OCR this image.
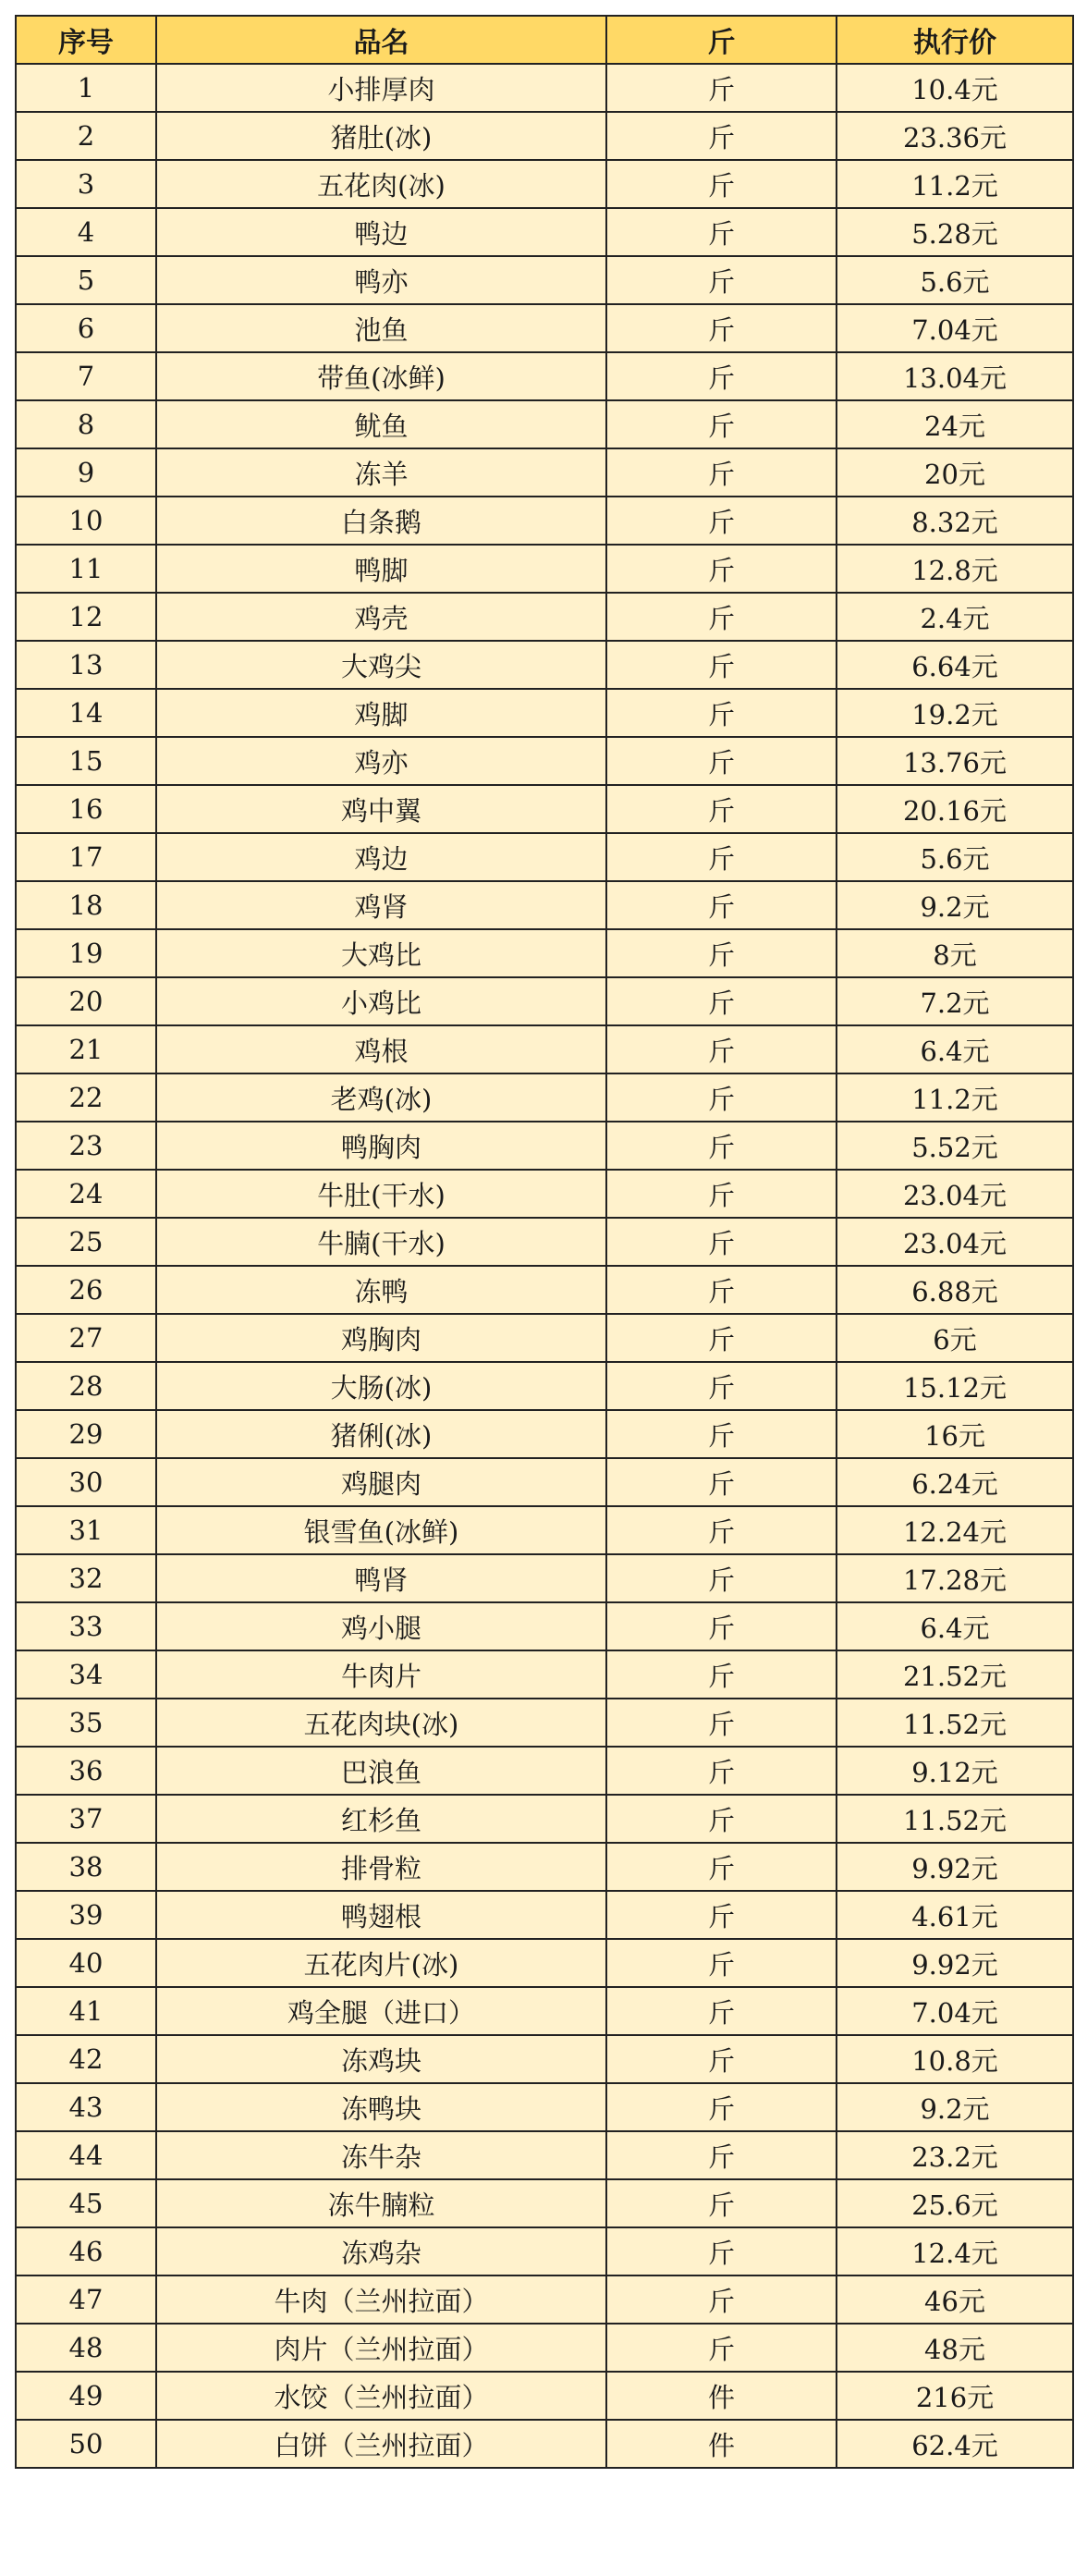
序号	品名	斤	执行价
1	小排厚肉	斤	10.4元
2	猪肚(冰)	斤	23.36元
3	五花肉(冰)	斤	11.2元
4	鸭边	斤	5.28元
5	鸭亦	斤	5.6元
6	池鱼	斤	7.04元
7	带鱼(冰鲜)	斤	13.04元
8	鱿鱼	斤	24元
9	冻羊	斤	20元
10	白条鹅	斤	8.32元
11	鸭脚	斤	12.8元
12	鸡壳	斤	2.4元
13	大鸡尖	斤	6.64元
14	鸡脚	斤	19.2元
15	鸡亦	斤	13.76元
16	鸡中翼	斤	20.16元
17	鸡边	斤	5.6元
18	鸡肾	斤	9.2元
19	大鸡比	斤	8元
20	小鸡比	斤	7.2元
21	鸡根	斤	6.4元
22	老鸡(冰)	斤	11.2元
23	鸭胸肉	斤	5.52元
24	牛肚(干水)	斤	23.04元
25	牛腩(干水)	斤	23.04元
26	冻鸭	斤	6.88元
27	鸡胸肉	斤	6元
28	大肠(冰)	斤	15.12元
29	猪俐(冰)	斤	16元
30	鸡腿肉	斤	6.24元
31	银雪鱼(冰鲜)	斤	12.24元
32	鸭肾	斤	17.28元
33	鸡小腿	斤	6.4元
34	牛肉片	斤	21.52元
35	五花肉块(冰)	斤	11.52元
36	巴浪鱼	斤	9.12元
37	红杉鱼	斤	11.52元
38	排骨粒	斤	9.92元
39	鸭翅根	斤	4.61元
40	五花肉片(冰)	斤	9.92元
41	鸡全腿（进口）	斤	7.04元
42	冻鸡块	斤	10.8元
43	冻鸭块	斤	9.2元
44	冻牛杂	斤	23.2元
45	冻牛腩粒	斤	25.6元
46	冻鸡杂	斤	12.4元
47	牛肉（兰州拉面）	斤	46元
48	肉片（兰州拉面）	斤	48元
49	水饺（兰州拉面）	件	216元
50	白饼（兰州拉面）	件	62.4元
